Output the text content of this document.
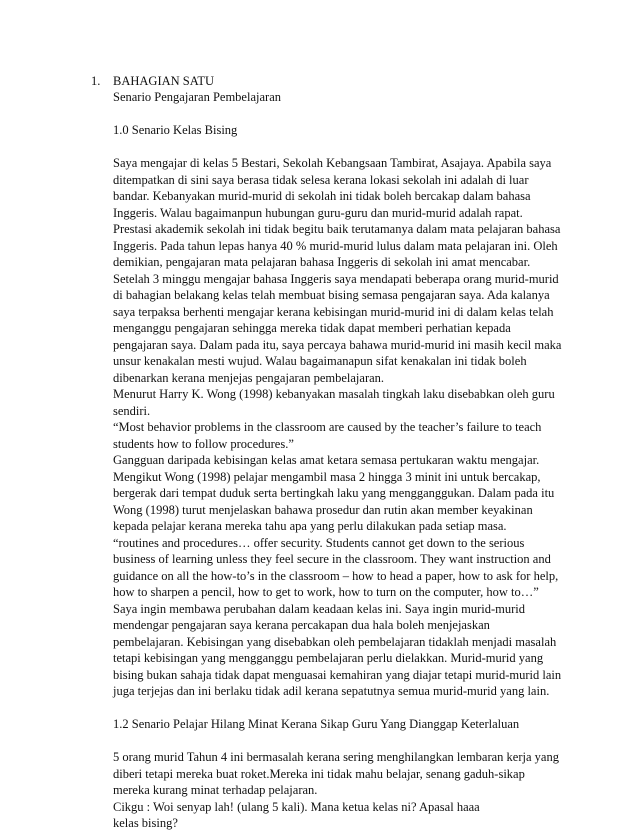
1. BAHAGIAN SATU
Senario Pengajaran Pembelajaran
1.0 Senario Kelas Bising
Saya mengajar di kelas 5 Bestari, Sekolah Kebangsaan Tambirat, Asajaya. Apabila saya
ditempatkan di sini saya berasa tidak selesa kerana lokasi sekolah ini adalah di luar
bandar. Kebanyakan murid-murid di sekolah ini tidak boleh bercakap dalam bahasa
Inggeris. Walau bagaimanpun hubungan guru-guru dan murid-murid adalah rapat.
Prestasi akademik sekolah ini tidak begitu baik terutamanya dalam mata pelajaran bahasa
Inggeris. Pada tahun lepas hanya 40 % murid-murid lulus dalam mata pelajaran ini. Oleh
demikian, pengajaran mata pelajaran bahasa Inggeris di sekolah ini amat mencabar.
Setelah 3 minggu mengajar bahasa Inggeris saya mendapati beberapa orang murid-murid
di bahagian belakang kelas telah membuat bising semasa pengajaran saya. Ada kalanya
saya terpaksa berhenti mengajar kerana kebisingan murid-murid ini di dalam kelas telah
menganggu pengajaran sehingga mereka tidak dapat memberi perhatian kepada
pengajaran saya. Dalam pada itu, saya percaya bahawa murid-murid ini masih kecil maka
unsur kenakalan mesti wujud. Walau bagaimanapun sifat kenakalan ini tidak boleh
dibenarkan kerana menjejas pengajaran pembelajaran.
Menurut Harry K. Wong (1998) kebanyakan masalah tingkah laku disebabkan oleh guru
sendiri.
“Most behavior problems in the classroom are caused by the teacher’s failure to teach
students how to follow procedures.”
Gangguan daripada kebisingan kelas amat ketara semasa pertukaran waktu mengajar.
Mengikut Wong (1998) pelajar mengambil masa 2 hingga 3 minit ini untuk bercakap,
bergerak dari tempat duduk serta bertingkah laku yang mengganggukan. Dalam pada itu
Wong (1998) turut menjelaskan bahawa prosedur dan rutin akan member keyakinan
kepada pelajar kerana mereka tahu apa yang perlu dilakukan pada setiap masa.
“routines and procedures… offer security. Students cannot get down to the serious
business of learning unless they feel secure in the classroom. They want instruction and
guidance on all the how-to’s in the classroom – how to head a paper, how to ask for help,
how to sharpen a pencil, how to get to work, how to turn on the computer, how to…”
Saya ingin membawa perubahan dalam keadaan kelas ini. Saya ingin murid-murid
mendengar pengajaran saya kerana percakapan dua hala boleh menjejaskan
pembelajaran. Kebisingan yang disebabkan oleh pembelajaran tidaklah menjadi masalah
tetapi kebisingan yang mengganggu pembelajaran perlu dielakkan. Murid-murid yang
bising bukan sahaja tidak dapat menguasai kemahiran yang diajar tetapi murid-murid lain
juga terjejas dan ini berlaku tidak adil kerana sepatutnya semua murid-murid yang lain.
1.2 Senario Pelajar Hilang Minat Kerana Sikap Guru Yang Dianggap Keterlaluan
5 orang murid Tahun 4 ini bermasalah kerana sering menghilangkan lembaran kerja yang
diberi tetapi mereka buat roket.Mereka ini tidak mahu belajar, senang gaduh-sikap
mereka kurang minat terhadap pelajaran.
Cikgu : Woi senyap lah! (ulang 5 kali). Mana ketua kelas ni? Apasal haaa
kelas bising?
